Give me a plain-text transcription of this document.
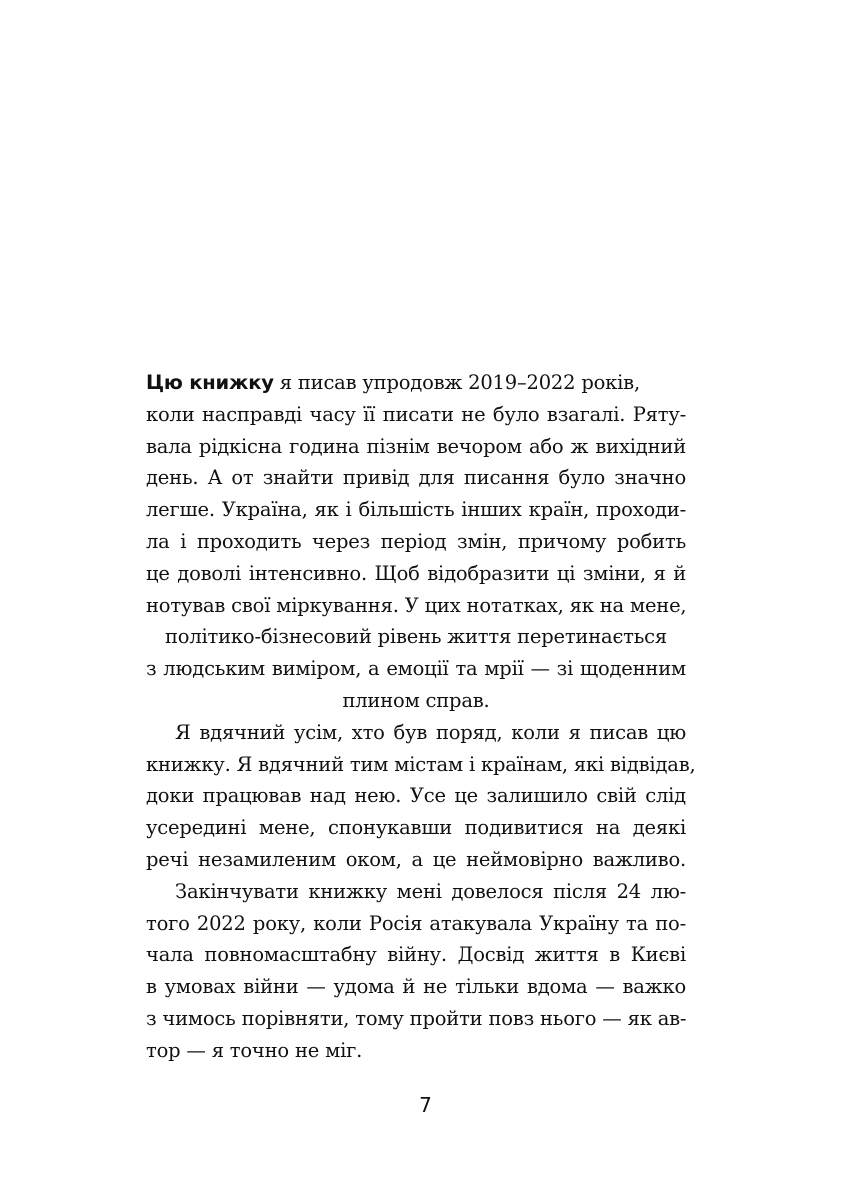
Цю книжку я писав упродовж 2019–2022 років,
коли насправді часу її писати не було взагалі. Ряту-
вала рідкісна година пізнім вечором або ж вихідний
день. А от знайти привід для писання було значно
легше. Україна, як і більшість інших країн, проходи-
ла і проходить через період змін, причому робить
це доволі інтенсивно. Щоб відобразити ці зміни, я й
нотував свої міркування. У цих нотатках, як на мене,
політико-бізнесовий рівень життя перетинається
з людським виміром, а емоції та мрії — зі щоденним
плином справ.
Я вдячний усім, хто був поряд, коли я писав цю
книжку. Я вдячний тим містам і країнам, які відвідав,
доки працював над нею. Усе це залишило свій слід
усередині мене, спонукавши подивитися на деякі
речі незамиленим оком, а це неймовірно важливо.
Закінчувати книжку мені довелося після 24 лю-
того 2022 року, коли Росія атакувала Україну та по-
чала повномасштабну війну. Досвід життя в Києві
в умовах війни — удома й не тільки вдома — важко
з чимось порівняти, тому пройти повз нього — як ав-
тор — я точно не міг.
7
